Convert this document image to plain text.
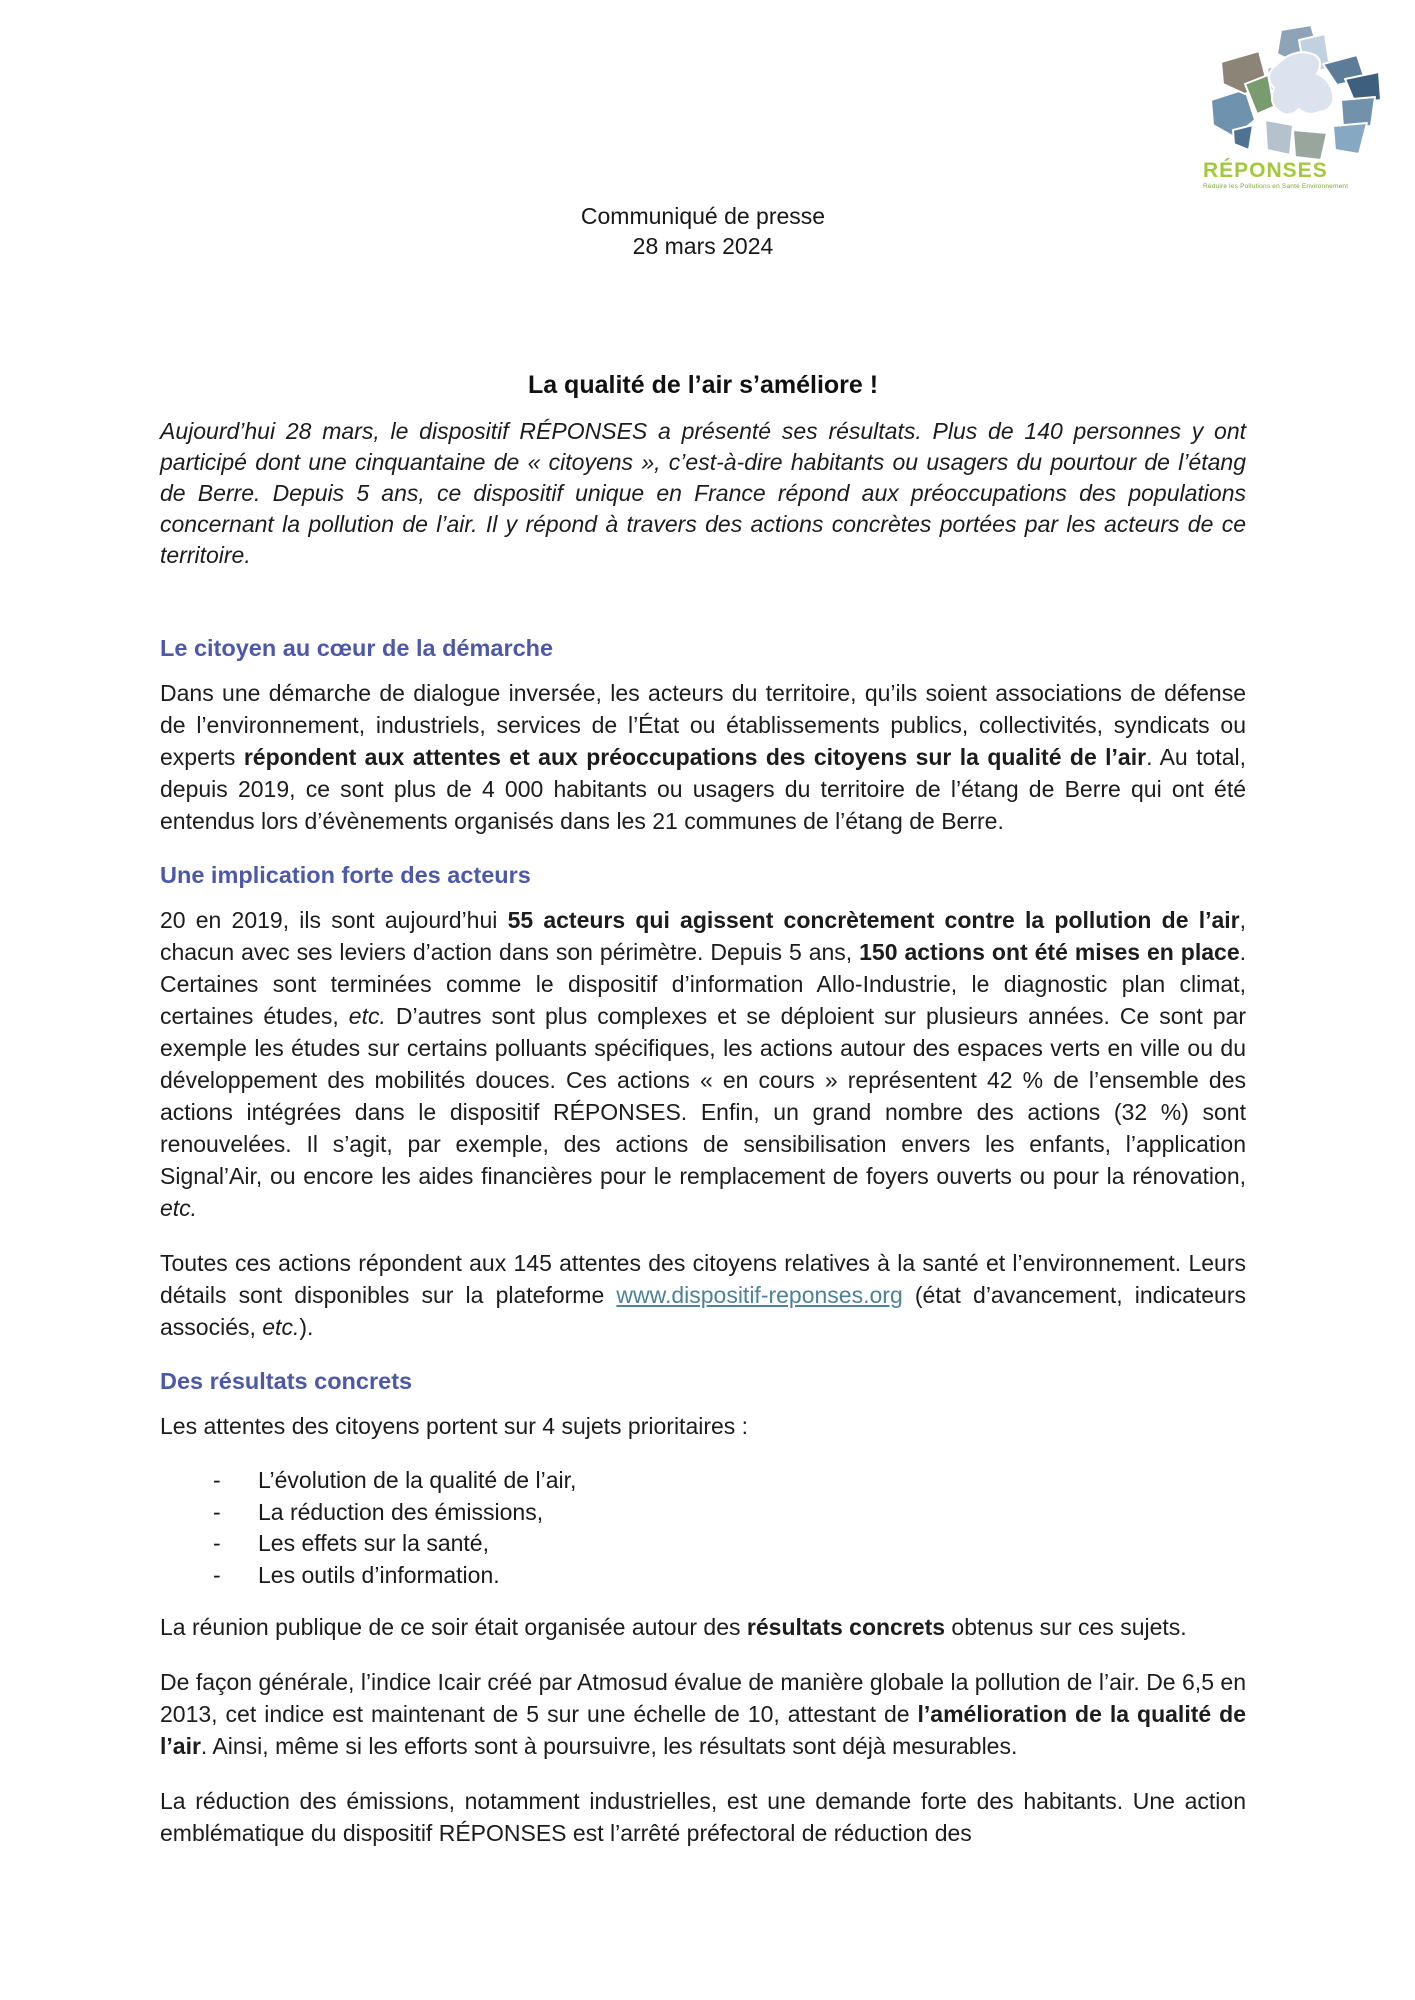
RÉPONSES
Réduire les Pollutions en Santé Environnement
Communiqué de presse
28 mars 2024
La qualité de l’air s’améliore !

Aujourd’hui 28 mars, le dispositif RÉPONSES a présenté ses résultats. Plus de 140 personnes y ont participé dont une cinquantaine de « citoyens », c’est-à-dire habitants ou usagers du pourtour de l’étang de Berre. Depuis 5 ans, ce dispositif unique en France répond aux préoccupations des populations concernant la pollution de l’air. Il y répond à travers des actions concrètes portées par les acteurs de ce territoire.

Le citoyen au cœur de la démarche

Dans une démarche de dialogue inversée, les acteurs du territoire, qu’ils soient associations de défense de l’environnement, industriels, services de l’État ou établissements publics, collectivités, syndicats ou experts répondent aux attentes et aux préoccupations des citoyens sur la qualité de l’air. Au total, depuis 2019, ce sont plus de 4 000 habitants ou usagers du territoire de l’étang de Berre qui ont été entendus lors d’évènements organisés dans les 21 communes de l’étang de Berre.

Une implication forte des acteurs

20 en 2019, ils sont aujourd’hui 55 acteurs qui agissent concrètement contre la pollution de l’air, chacun avec ses leviers d’action dans son périmètre. Depuis 5 ans, 150 actions ont été mises en place. Certaines sont terminées comme le dispositif d’information Allo-Industrie, le diagnostic plan climat, certaines études, etc. D’autres sont plus complexes et se déploient sur plusieurs années. Ce sont par exemple les études sur certains polluants spécifiques, les actions autour des espaces verts en ville ou du développement des mobilités douces. Ces actions « en cours » représentent 42 % de l’ensemble des actions intégrées dans le dispositif RÉPONSES. Enfin, un grand nombre des actions (32 %) sont renouvelées. Il s’agit, par exemple, des actions de sensibilisation envers les enfants, l’application Signal’Air, ou encore les aides financières pour le remplacement de foyers ouverts ou pour la rénovation, etc.

Toutes ces actions répondent aux 145 attentes des citoyens relatives à la santé et l’environnement. Leurs détails sont disponibles sur la plateforme www.dispositif-reponses.org (état d’avancement, indicateurs associés, etc.).

Des résultats concrets

Les attentes des citoyens portent sur 4 sujets prioritaires :

- L’évolution de la qualité de l’air,
- La réduction des émissions,
- Les effets sur la santé,
- Les outils d’information.

La réunion publique de ce soir était organisée autour des résultats concrets obtenus sur ces sujets.

De façon générale, l’indice Icair créé par Atmosud évalue de manière globale la pollution de l’air. De 6,5 en 2013, cet indice est maintenant de 5 sur une échelle de 10, attestant de l’amélioration de la qualité de l’air. Ainsi, même si les efforts sont à poursuivre, les résultats sont déjà mesurables.

La réduction des émissions, notamment industrielles, est une demande forte des habitants. Une action emblématique du dispositif RÉPONSES est l’arrêté préfectoral de réduction des
